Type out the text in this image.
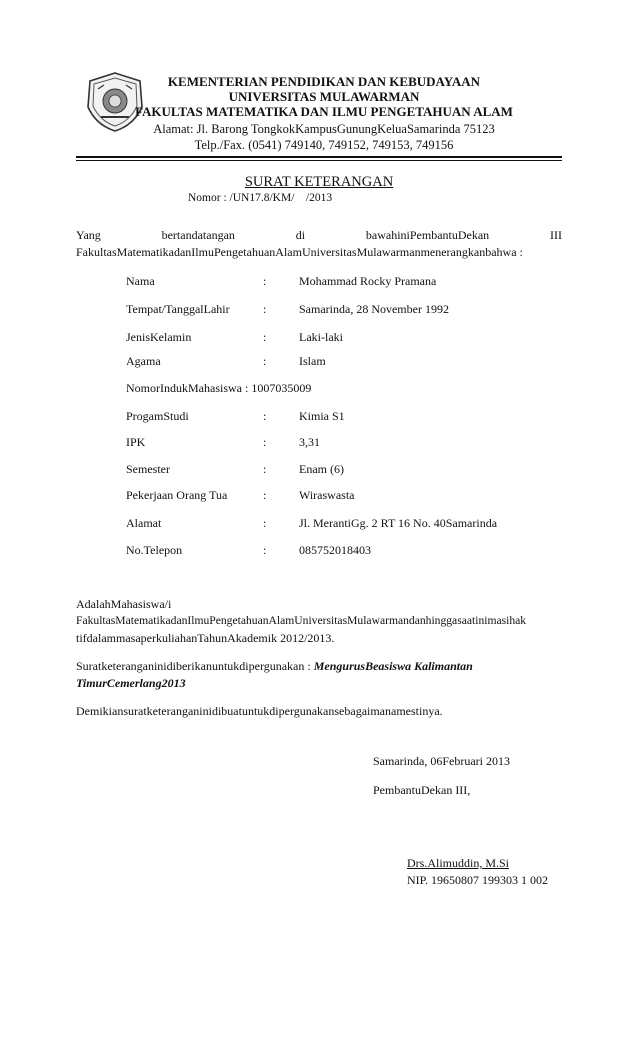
KEMENTERIAN PENDIDIKAN DAN KEBUDAYAAN
UNIVERSITAS MULAWARMAN
FAKULTAS MATEMATIKA DAN ILMU PENGETAHUAN ALAM
Alamat: Jl. Barong TongkokKampusGunungKeluaSamarinda 75123
Telp./Fax. (0541) 749140, 749152, 749153, 749156
SURAT KETERANGAN
Nomor : /UN17.8/KM/    /2013
Yang	bertandatangan	di	bawahiniPembantuDekan	III
FakultasMatematikadanIlmuPengetahuanAlamUniversitasMulawarmanmenerangkanbahwa :
Nama	:	Mohammad Rocky Pramana
Tempat/TanggalLahir	:	Samarinda, 28 November 1992
JenisKelamin	:	Laki-laki
Agama	:	Islam
NomorIndukMahasiswa : 1007035009
ProgamStudi	:	Kimia S1
IPK	:	3,31
Semester	:	Enam (6)
Pekerjaan Orang Tua	:	Wiraswasta
Alamat	:	Jl. MerantiGg. 2 RT 16 No. 40Samarinda
No.Telepon	:	085752018403
AdalahMahasiswa/i
FakultasMatematikadanIlmuPengetahuanAlamUniversitasMulawarmandanhinggasaatinimasihak
tifdalammasaperkuliahanTahunAkademik 2012/2013.
Suratketeranganinidiberikanuntukdipergunakan : MengurusBeasiswa Kalimantan
TimurCemerlang2013
Demikiansuratketeranganinidibuatuntukdipergunakansebagaimanamestinya.
Samarinda, 06Februari 2013
PembantuDekan III,
Drs.Alimuddin, M.Si
NIP. 19650807 199303 1 002
